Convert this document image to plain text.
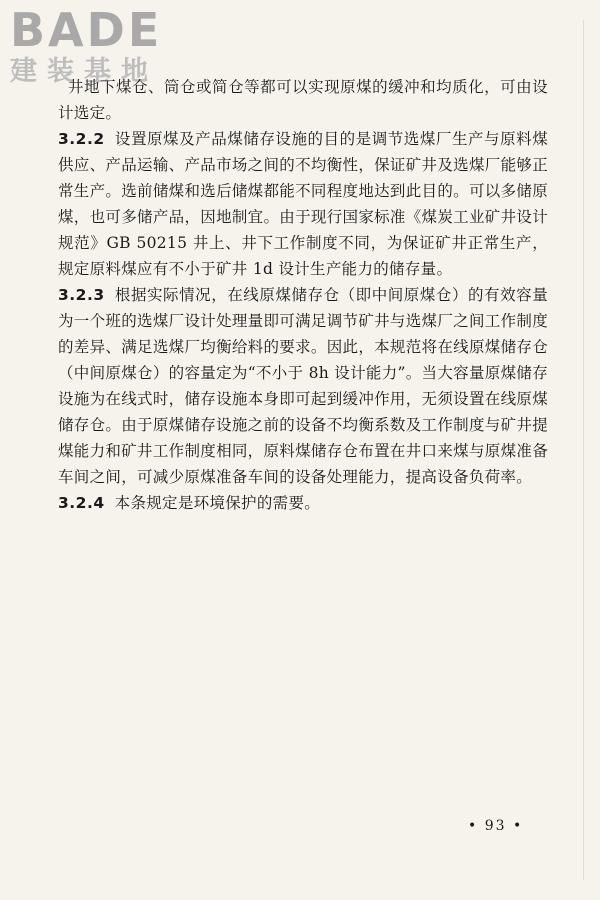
BADE
建装基地

井地下煤仓、筒仓或简仓等都可以实现原煤的缓冲和均质化，可由设计选定。

3.2.2 设置原煤及产品煤储存设施的目的是调节选煤厂生产与原料煤供应、产品运输、产品市场之间的不均衡性，保证矿井及选煤厂能够正常生产。选前储煤和选后储煤都能不同程度地达到此目的。可以多储原煤，也可多储产品，因地制宜。由于现行国家标准《煤炭工业矿井设计规范》GB 50215 井上、井下工作制度不同，为保证矿井正常生产，规定原料煤应有不小于矿井 1d 设计生产能力的储存量。

3.2.3 根据实际情况，在线原煤储存仓（即中间原煤仓）的有效容量为一个班的选煤厂设计处理量即可满足调节矿井与选煤厂之间工作制度的差异、满足选煤厂均衡给料的要求。因此，本规范将在线原煤储存仓（中间原煤仓）的容量定为“不小于 8h 设计能力”。当大容量原煤储存设施为在线式时，储存设施本身即可起到缓冲作用，无须设置在线原煤储存仓。由于原煤储存设施之前的设备不均衡系数及工作制度与矿井提煤能力和矿井工作制度相同，原料煤储存仓布置在井口来煤与原煤准备车间之间，可减少原煤准备车间的设备处理能力，提高设备负荷率。

3.2.4 本条规定是环境保护的需要。

• 93 •
